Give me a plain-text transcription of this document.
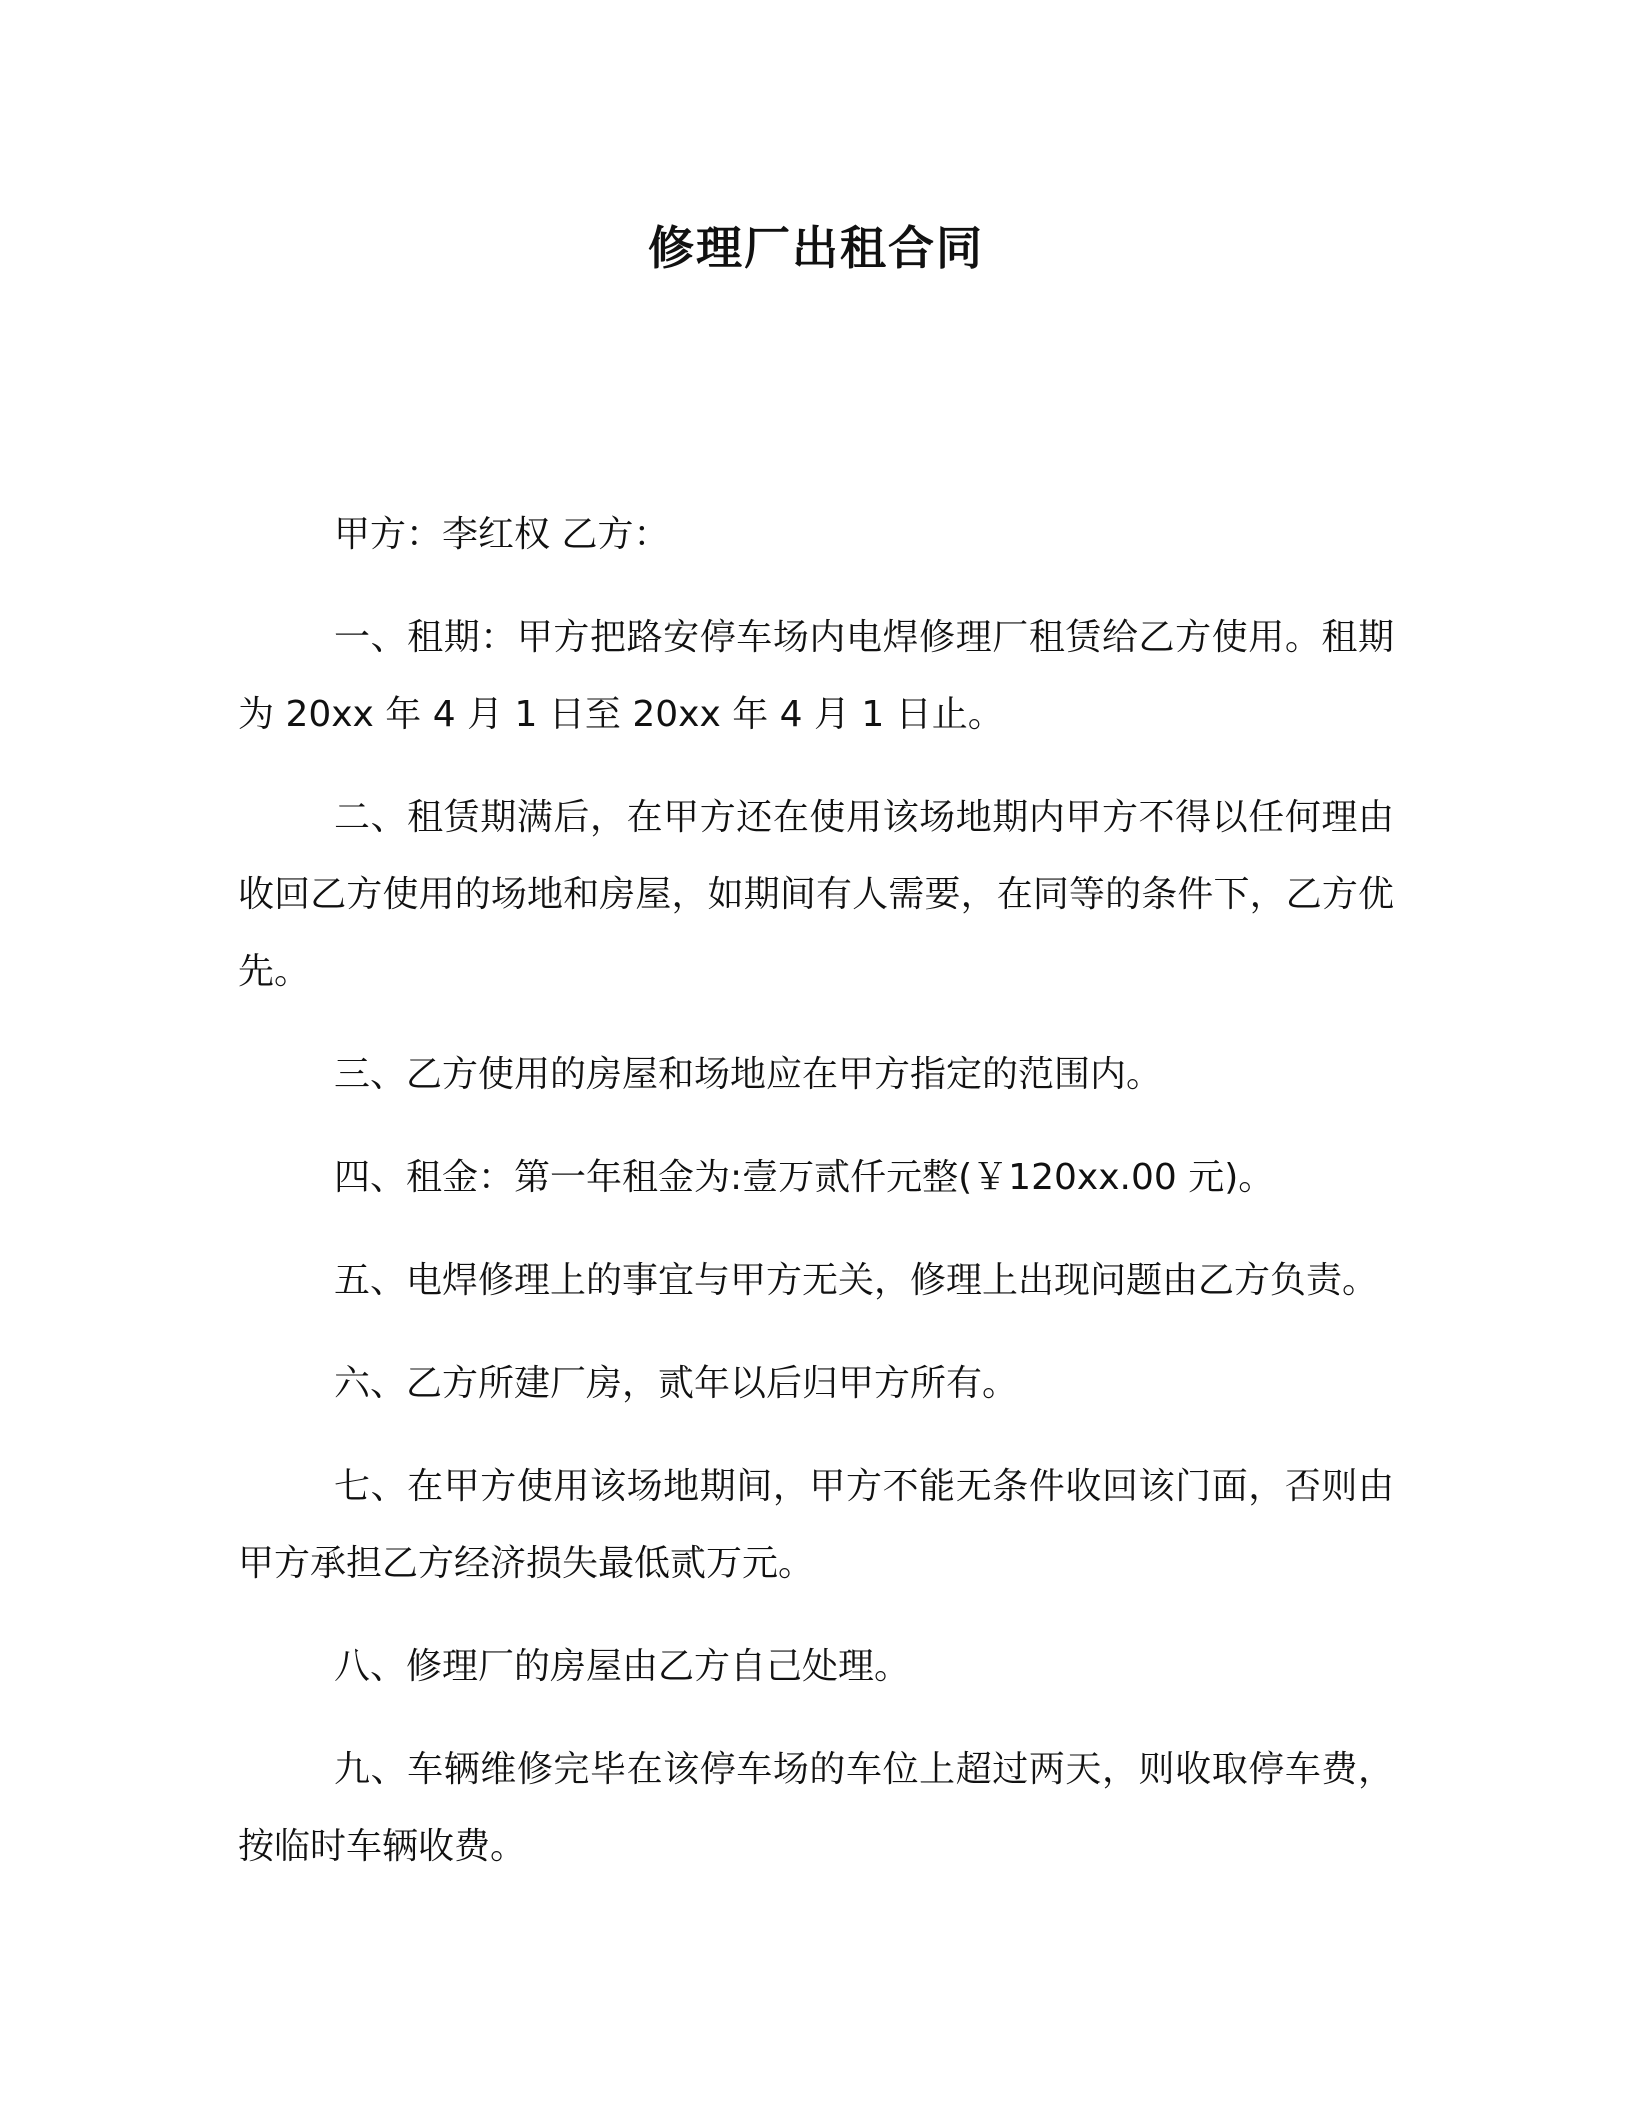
修理厂出租合同

甲方：李红权 乙方：

一、租期：甲方把路安停车场内电焊修理厂租赁给乙方使用。租期为 20xx 年 4 月 1 日至 20xx 年 4 月 1 日止。

二、租赁期满后，在甲方还在使用该场地期内甲方不得以任何理由收回乙方使用的场地和房屋，如期间有人需要，在同等的条件下，乙方优先。

三、乙方使用的房屋和场地应在甲方指定的范围内。

四、租金：第一年租金为:壹万贰仟元整(￥120xx.00 元)。

五、电焊修理上的事宜与甲方无关，修理上出现问题由乙方负责。

六、乙方所建厂房，贰年以后归甲方所有。

七、在甲方使用该场地期间，甲方不能无条件收回该门面，否则由甲方承担乙方经济损失最低贰万元。

八、修理厂的房屋由乙方自己处理。

九、车辆维修完毕在该停车场的车位上超过两天，则收取停车费，按临时车辆收费。
